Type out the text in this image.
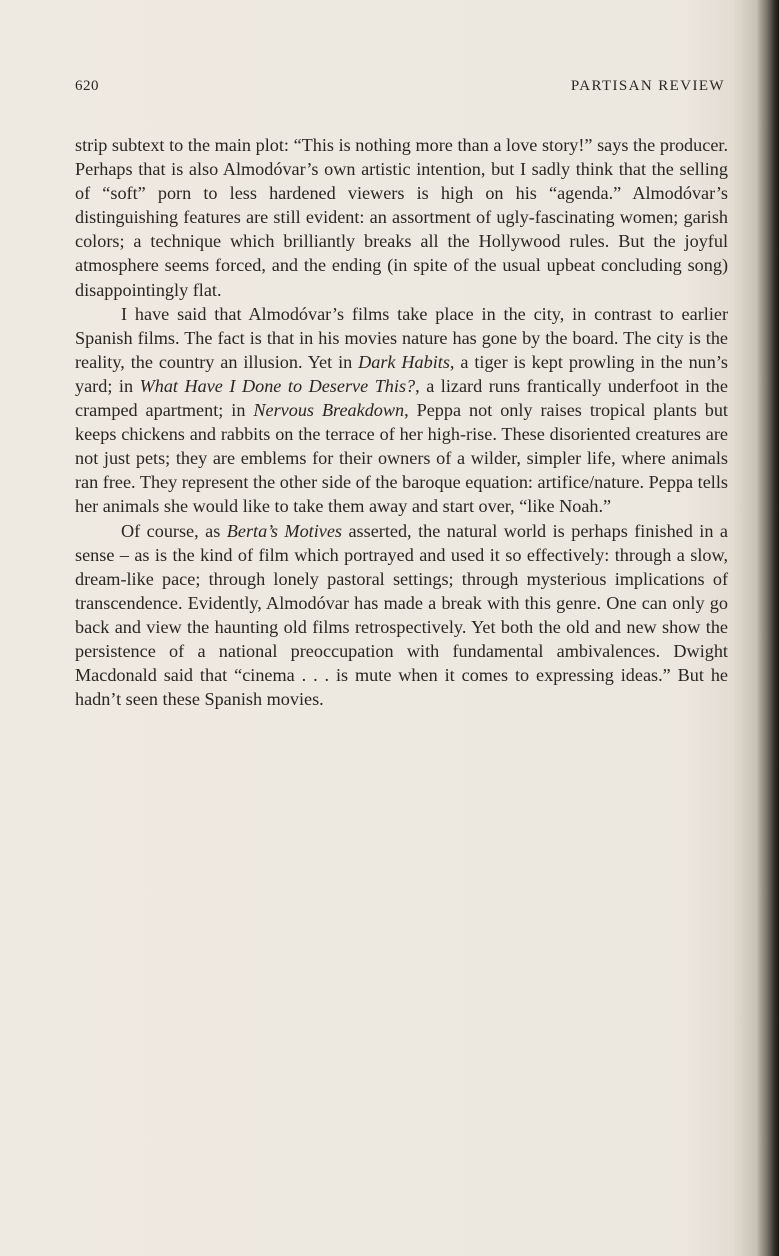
620	PARTISAN REVIEW

strip subtext to the main plot: “This is nothing more than a love story!” says the producer. Perhaps that is also Almodóvar’s own artistic intention, but I sadly think that the selling of “soft” porn to less hardened viewers is high on his “agenda.” Almodóvar’s distinguishing features are still evident: an assortment of ugly-fascinating women; garish colors; a technique which brilliantly breaks all the Hollywood rules. But the joyful atmosphere seems forced, and the ending (in spite of the usual upbeat concluding song) disappointingly flat.

I have said that Almodóvar’s films take place in the city, in contrast to earlier Spanish films. The fact is that in his movies nature has gone by the board. The city is the reality, the country an illusion. Yet in Dark Habits, a tiger is kept prowling in the nun’s yard; in What Have I Done to Deserve This?, a lizard runs frantically underfoot in the cramped apartment; in Nervous Breakdown, Peppa not only raises tropical plants but keeps chickens and rabbits on the terrace of her high-rise. These disoriented creatures are not just pets; they are emblems for their owners of a wilder, simpler life, where animals ran free. They represent the other side of the baroque equation: artifice/nature. Peppa tells her animals she would like to take them away and start over, “like Noah.”

Of course, as Berta’s Motives asserted, the natural world is perhaps finished in a sense – as is the kind of film which portrayed and used it so effectively: through a slow, dream-like pace; through lonely pastoral settings; through mysterious implications of transcendence. Evidently, Almodóvar has made a break with this genre. One can only go back and view the haunting old films retrospectively. Yet both the old and new show the persistence of a national preoccupation with fundamental ambivalences. Dwight Macdonald said that “cinema . . . is mute when it comes to expressing ideas.” But he hadn’t seen these Spanish movies.
